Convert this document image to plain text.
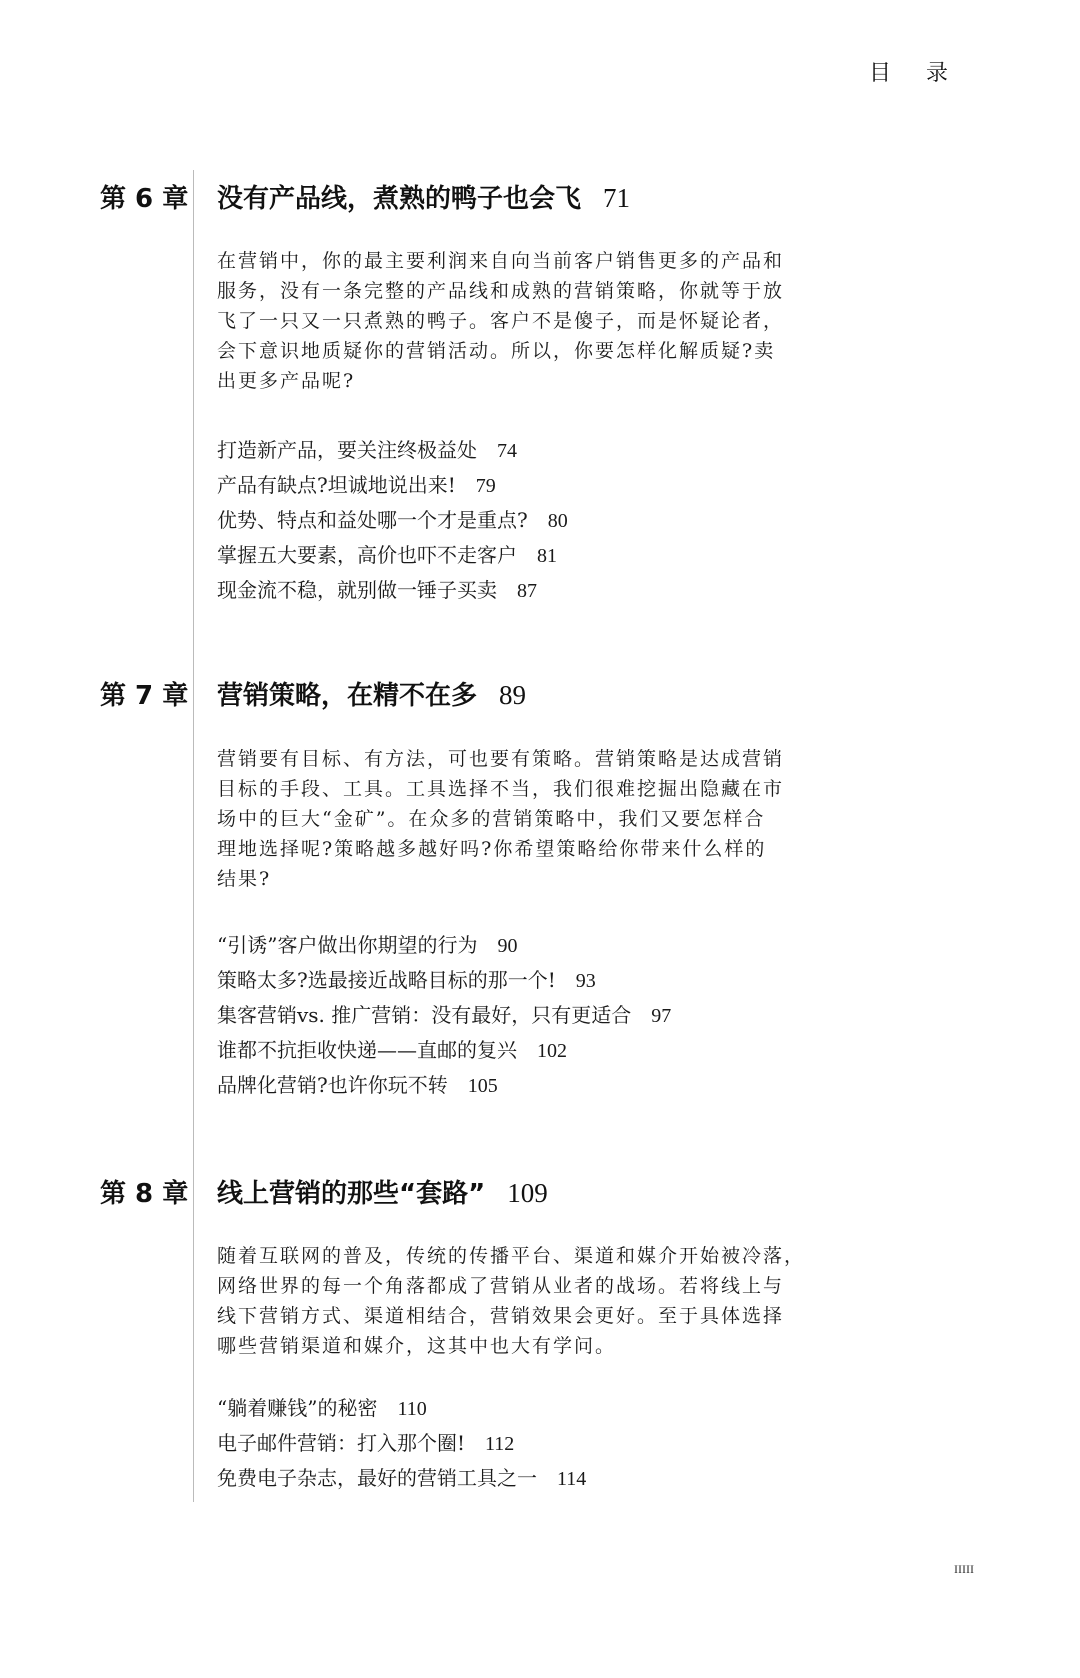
目 录
第 6 章 没有产品线，煮熟的鸭子也会飞 71
在营销中，你的最主要利润来自向当前客户销售更多的产品和
服务，没有一条完整的产品线和成熟的营销策略，你就等于放
飞了一只又一只煮熟的鸭子。客户不是傻子，而是怀疑论者，
会下意识地质疑你的营销活动。所以，你要怎样化解质疑?卖
出更多产品呢?
打造新产品，要关注终极益处 74
产品有缺点?坦诚地说出来! 79
优势、特点和益处哪一个才是重点? 80
掌握五大要素，高价也吓不走客户 81
现金流不稳，就别做一锤子买卖 87
第 7 章 营销策略，在精不在多 89
营销要有目标、有方法，可也要有策略。营销策略是达成营销
目标的手段、工具。工具选择不当，我们很难挖掘出隐藏在市
场中的巨大“金矿”。在众多的营销策略中，我们又要怎样合
理地选择呢?策略越多越好吗?你希望策略给你带来什么样的
结果?
“引诱”客户做出你期望的行为 90
策略太多?选最接近战略目标的那一个! 93
集客营销vs. 推广营销：没有最好，只有更适合 97
谁都不抗拒收快递——直邮的复兴 102
品牌化营销?也许你玩不转 105
第 8 章 线上营销的那些“套路” 109
随着互联网的普及，传统的传播平台、渠道和媒介开始被冷落，
网络世界的每一个角落都成了营销从业者的战场。若将线上与
线下营销方式、渠道相结合，营销效果会更好。至于具体选择
哪些营销渠道和媒介，这其中也大有学问。
“躺着赚钱”的秘密 110
电子邮件营销：打入那个圈! 112
免费电子杂志，最好的营销工具之一 114
IIIII
